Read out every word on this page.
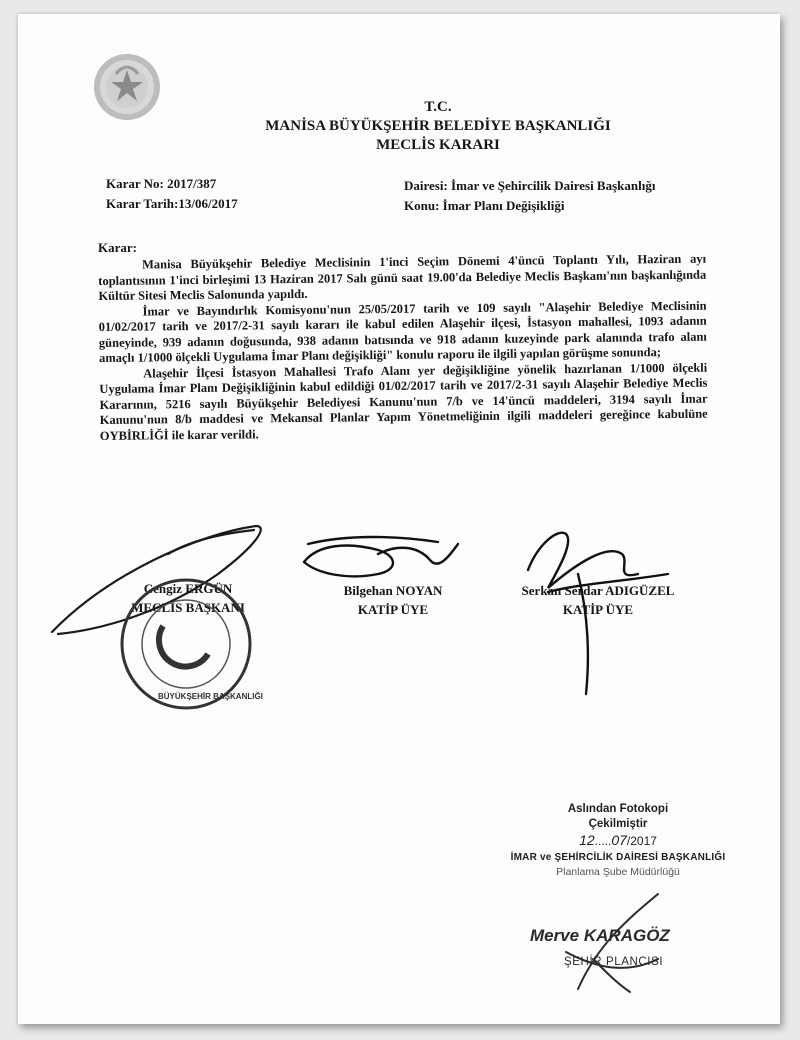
T.C.
MANİSA BÜYÜKŞEHİR BELEDİYE BAŞKANLIĞI
MECLİS KARARI
Karar No: 2017/387
Karar Tarih:13/06/2017
Dairesi: İmar ve Şehircilik Dairesi Başkanlığı
Konu: İmar Planı Değişikliği
Karar:

Manisa Büyükşehir Belediye Meclisinin 1'inci Seçim Dönemi 4'üncü Toplantı Yılı, Haziran ayı toplantısının 1'inci birleşimi 13 Haziran 2017 Salı günü saat 19.00'da Belediye Meclis Başkanı'nın başkanlığında Kültür Sitesi Meclis Salonunda yapıldı.

İmar ve Bayındırlık Komisyonu'nun 25/05/2017 tarih ve 109 sayılı "Alaşehir Belediye Meclisinin 01/02/2017 tarih ve 2017/2-31 sayılı kararı ile kabul edilen Alaşehir ilçesi, İstasyon mahallesi, 1093 adanın güneyinde, 939 adanın doğusunda, 938 adanın batısında ve 918 adanın kuzeyinde park alanında trafo alanı amaçlı 1/1000 ölçekli Uygulama İmar Planı değişikliği" konulu raporu ile ilgili yapılan görüşme sonunda;

Alaşehir İlçesi İstasyon Mahallesi Trafo Alanı yer değişikliğine yönelik hazırlanan 1/1000 ölçekli Uygulama İmar Planı Değişikliğinin kabul edildiği 01/02/2017 tarih ve 2017/2-31 sayılı Alaşehir Belediye Meclis Kararının, 5216 sayılı Büyükşehir Belediyesi Kanunu'nun 7/b ve 14'üncü maddeleri, 3194 sayılı İmar Kanunu'nun 8/b maddesi ve Mekansal Planlar Yapım Yönetmeliğinin ilgili maddeleri gereğince kabulüne OYBİRLİĞİ ile karar verildi.

Cengiz ERGÜN
MECLİS BAŞKANI
Bilgehan NOYAN
KATİP ÜYE
Serkan Serdar ADIGÜZEL
KATİP ÜYE
BÜYÜKŞEHİR BAŞKANLIĞI
Aslından Fotokopi
Çekilmiştir
12.....07/2017
İMAR ve ŞEHİRCİLİK DAİRESİ BAŞKANLIĞI
Planlama Şube Müdürlüğü
Merve KARAGÖZ
ŞEHİR PLANCISI
